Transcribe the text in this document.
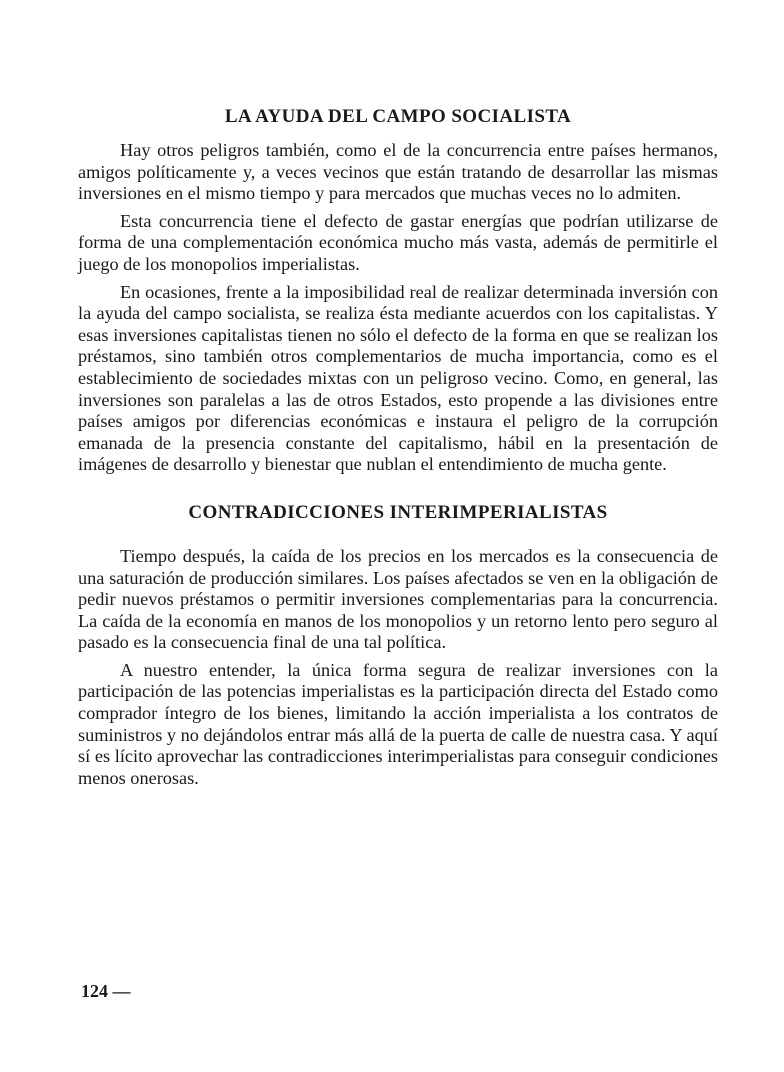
LA AYUDA DEL CAMPO SOCIALISTA

Hay otros peligros también, como el de la concurrencia entre países hermanos, amigos políticamente y, a veces vecinos que están tratando de desarrollar las mismas inversiones en el mismo tiempo y para mercados que muchas veces no lo admiten.

Esta concurrencia tiene el defecto de gastar energías que podrían utilizarse de forma de una complementación económica mucho más vasta, además de permitirle el juego de los monopolios imperialistas.

En ocasiones, frente a la imposibilidad real de realizar determinada inversión con la ayuda del campo socialista, se realiza ésta mediante acuerdos con los capitalistas. Y esas inversiones capitalistas tienen no sólo el defecto de la forma en que se realizan los préstamos, sino también otros complementarios de mucha importancia, como es el establecimiento de sociedades mixtas con un peligroso vecino. Como, en general, las inversiones son paralelas a las de otros Estados, esto propende a las divisiones entre países amigos por diferencias económicas e instaura el peligro de la corrupción emanada de la presencia constante del capitalismo, hábil en la presentación de imágenes de desarrollo y bienestar que nublan el entendimiento de mucha gente.

CONTRADICCIONES INTERIMPERIALISTAS

Tiempo después, la caída de los precios en los mercados es la consecuencia de una saturación de producción similares. Los países afectados se ven en la obligación de pedir nuevos préstamos o permitir inversiones complementarias para la concurrencia. La caída de la economía en manos de los monopolios y un retorno lento pero seguro al pasado es la consecuencia final de una tal política.

A nuestro entender, la única forma segura de realizar inversiones con la participación de las potencias imperialistas es la participación directa del Estado como comprador íntegro de los bienes, limitando la acción imperialista a los contratos de suministros y no dejándolos entrar más allá de la puerta de calle de nuestra casa. Y aquí sí es lícito aprovechar las contradicciones interimperialistas para conseguir condiciones menos onerosas.

124 —
